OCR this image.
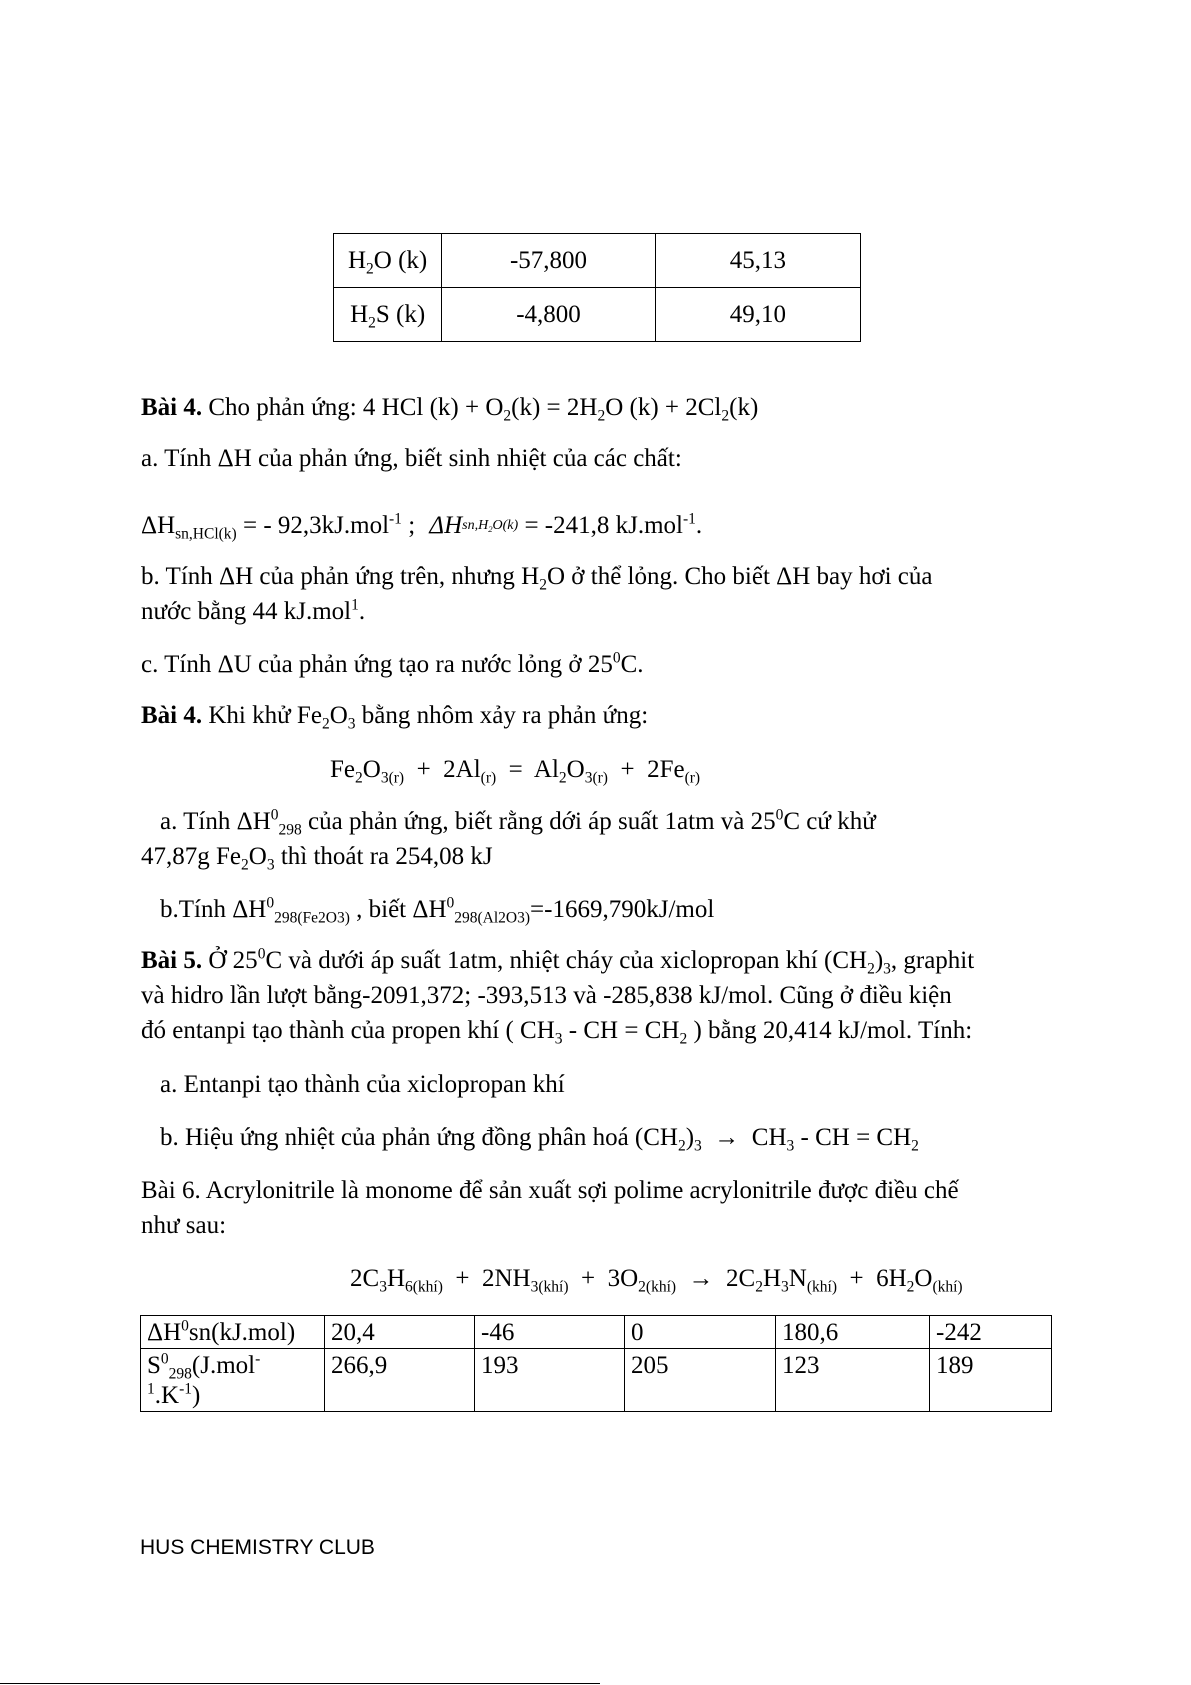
$H_2O$ (k)	-57,800	45,13
$H_2S$ (k)	-4,800	49,10
Bài 4. Cho phản ứng: 4 HCl $(k) + O_2(k) = 2H_2O$ $(k) + 2Cl_2(k)$
a. Tính ΔH của phản ứng, biết sinh nhiệt của các chất:
$\Delta H_{sn,HCl(k)}$ = - 92,3kJ.mol$^{-1}$ ; $\Delta Hsn,H_2O(k) = -241,8$ kJ.mol$^{-1}$.
b. Tính ΔH của phản ứng trên, nhưng $H_2O$ ở thể lỏng. Cho biết ΔH bay hơi của
nước bằng 44 kJ.mol$^1$.
c. Tính ΔU của phản ứng tạo ra nước lỏng ở $25^0C$.
Bài 4. Khi khử $Fe_2O_3$ bằng nhôm xảy ra phản ứng:
$Fe_2O_{3(r)} + 2Al_{(r)} = Al_2O_{3(r)} + 2Fe_{(r)}$
a. Tính $\Delta H^0_{298}$ của phản ứng, biết rằng dới áp suất 1atm và $25^0C$ cứ khử
47,87g $Fe_2O_3$ thì thoát ra 254,08 kJ
b.Tính $\Delta H^0_{298(Fe2O3)}$ , biết $\Delta H^0_{298(Al2O3)}=-1669,790kJ$/mol
Bài 5. Ở $25^0C$ và dưới áp suất 1atm, nhiệt cháy của xiclopropan khí $(CH_2)_3$, graphit
và hidro lần lượt bằng-2091,372; -393,513 và -285,838 kJ/mol. Cũng ở điều kiện
đó entanpi tạo thành của propen khí ( $CH_3$ - CH = $CH_2$ ) bằng 20,414 kJ/mol. Tính:
a. Entanpi tạo thành của xiclopropan khí
b. Hiệu ứng nhiệt của phản ứng đồng phân hoá $(CH_2)_3 \to CH_3$ - CH = $CH_2$
Bài 6. Acrylonitrile là monome để sản xuất sợi polime acrylonitrile được điều chế
như sau:
$2C_3H_{6(khí)} + 2NH_{3(khí)} + 3O_{2(khí)} \to 2C_2H_3N_{(khí)} + 6H_2O_{(khí)}$
$\Delta H^0sn(kJ.mol)$	20,4	-46	0	180,6	-242
$S^0_{298}(J.mol^-$
$^1.K^{-1}$)	266,9	193	205	123	189
HUS CHEMISTRY CLUB
